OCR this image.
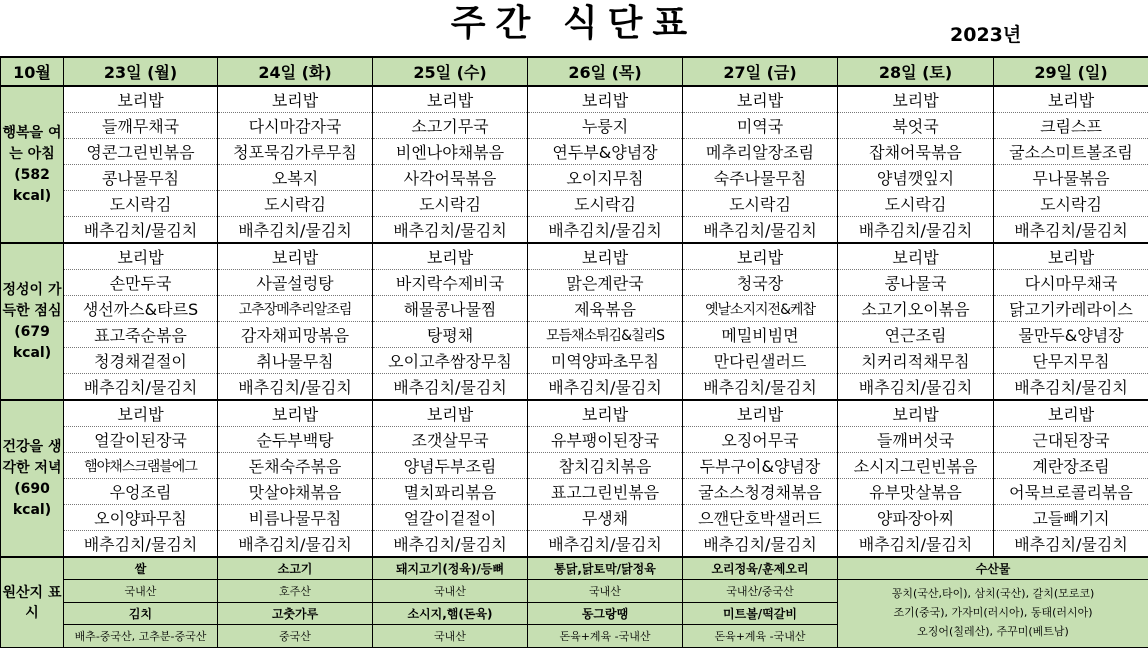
주간 식단표	2023년
10월	23일 (월)	24일 (화)	25일 (수)	26일 (목)	27일 (금)	28일 (토)	29일 (일)
행복을 여는 아침 (582 kcal)	보리밥	보리밥	보리밥	보리밥	보리밥	보리밥	보리밥
	들깨무채국	다시마감자국	소고기무국	누룽지	미역국	북엇국	크림스프
	영콘그린빈볶음	청포묵김가루무침	비엔나야채볶음	연두부&양념장	메추리알장조림	잡채어묵볶음	굴소스미트볼조림
	콩나물무침	오복지	사각어묵볶음	오이지무침	숙주나물무침	양념깻잎지	무나물볶음
	도시락김	도시락김	도시락김	도시락김	도시락김	도시락김	도시락김
	배추김치/물김치	배추김치/물김치	배추김치/물김치	배추김치/물김치	배추김치/물김치	배추김치/물김치	배추김치/물김치
정성이 가득한 점심 (679 kcal)	보리밥	보리밥	보리밥	보리밥	보리밥	보리밥	보리밥
	손만두국	사골설렁탕	바지락수제비국	맑은계란국	청국장	콩나물국	다시마무채국
	생선까스&타르S	고추장메추리알조림	해물콩나물찜	제육볶음	옛날소지지전&케찹	소고기오이볶음	닭고기카레라이스
	표고죽순볶음	감자채피망볶음	탕평채	모듬채소튀김&칠리S	메밀비빔면	연근조림	물만두&양념장
	청경채겉절이	취나물무침	오이고추쌈장무침	미역양파초무침	만다린샐러드	치커리적채무침	단무지무침
	배추김치/물김치	배추김치/물김치	배추김치/물김치	배추김치/물김치	배추김치/물김치	배추김치/물김치	배추김치/물김치
건강을 생각한 저녁 (690 kcal)	보리밥	보리밥	보리밥	보리밥	보리밥	보리밥	보리밥
	얼갈이된장국	순두부백탕	조갯살무국	유부팽이된장국	오징어무국	들깨버섯국	근대된장국
	햄야채스크램블에그	돈채숙주볶음	양념두부조림	참치김치볶음	두부구이&양념장	소시지그린빈볶음	계란장조림
	우엉조림	맛살야채볶음	멸치꽈리볶음	표고그린빈볶음	굴소스청경채볶음	유부맛살볶음	어묵브로콜리볶음
	오이양파무침	비름나물무침	얼갈이겉절이	무생채	으깬단호박샐러드	양파장아찌	고들빼기지
	배추김치/물김치	배추김치/물김치	배추김치/물김치	배추김치/물김치	배추김치/물김치	배추김치/물김치	배추김치/물김치
원산지 표시	쌀	소고기	돼지고기(정육)/등뼈	통닭,닭토막/닭정육	오리정육/훈제오리	수산물	
	국내산	호주산	국내산	국내산	국내산/중국산	꽁치(국산,타이), 삼치(국산), 갈치(모로코)
조기(중국), 가자미(러시아), 동태(러시아)
오징어(칠레산), 주꾸미(베트남)	

	김치	고춧가루	소시지,햄(돈육)	동그랑땡	미트볼/떡갈비		
	배추-중국산, 고추분-중국산	중국산	국내산	돈육+계육 -국내산	돈육+계육 -국내산		
